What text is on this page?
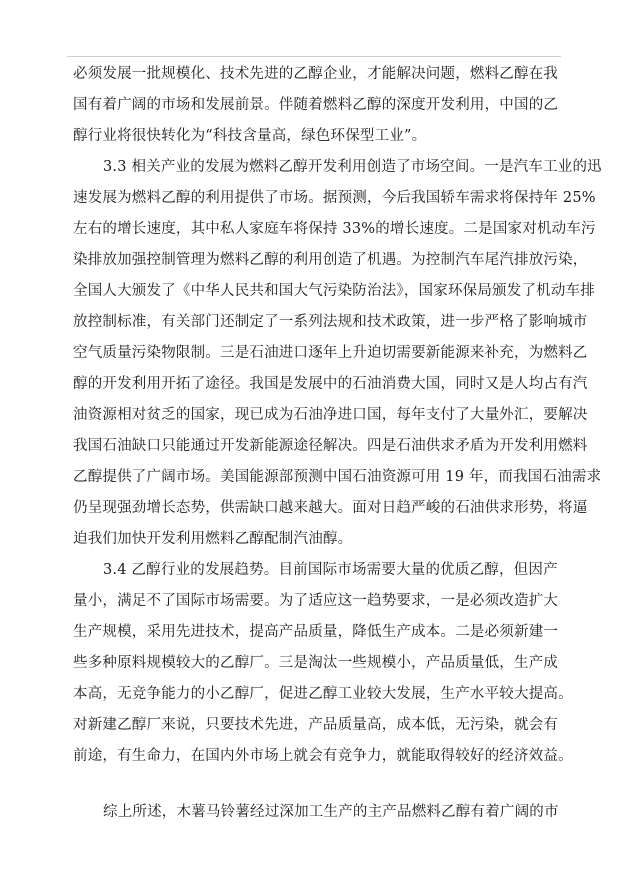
必须发展一批规模化、技术先进的乙醇企业，才能解决问题，燃料乙醇在我
国有着广阔的市场和发展前景。伴随着燃料乙醇的深度开发利用，中国的乙
醇行业将很快转化为“科技含量高，绿色环保型工业”。
3.3 相关产业的发展为燃料乙醇开发利用创造了市场空间。一是汽车工业的迅
速发展为燃料乙醇的利用提供了市场。据预测，今后我国轿车需求将保持年 25%
左右的增长速度，其中私人家庭车将保持 33%的增长速度。二是国家对机动车污
染排放加强控制管理为燃料乙醇的利用创造了机遇。为控制汽车尾汽排放污染，
全国人大颁发了《中华人民共和国大气污染防治法》，国家环保局颁发了机动车排
放控制标准，有关部门还制定了一系列法规和技术政策，进一步严格了影响城市
空气质量污染物限制。三是石油进口逐年上升迫切需要新能源来补充，为燃料乙
醇的开发利用开拓了途径。我国是发展中的石油消费大国，同时又是人均占有汽
油资源相对贫乏的国家，现已成为石油净进口国，每年支付了大量外汇，要解决
我国石油缺口只能通过开发新能源途径解决。四是石油供求矛盾为开发利用燃料
乙醇提供了广阔市场。美国能源部预测中国石油资源可用 19 年，而我国石油需求
仍呈现强劲增长态势，供需缺口越来越大。面对日趋严峻的石油供求形势，将逼
迫我们加快开发利用燃料乙醇配制汽油醇。
3.4 乙醇行业的发展趋势。目前国际市场需要大量的优质乙醇，但因产
量小，满足不了国际市场需要。为了适应这一趋势要求，一是必须改造扩大
生产规模，采用先进技术，提高产品质量，降低生产成本。二是必须新建一
些多种原料规模较大的乙醇厂。三是淘汰一些规模小，产品质量低，生产成
本高，无竞争能力的小乙醇厂，促进乙醇工业较大发展，生产水平较大提高。
对新建乙醇厂来说，只要技术先进，产品质量高，成本低，无污染，就会有
前途，有生命力，在国内外市场上就会有竞争力，就能取得较好的经济效益。
综上所述，木薯马铃薯经过深加工生产的主产品燃料乙醇有着广阔的市
